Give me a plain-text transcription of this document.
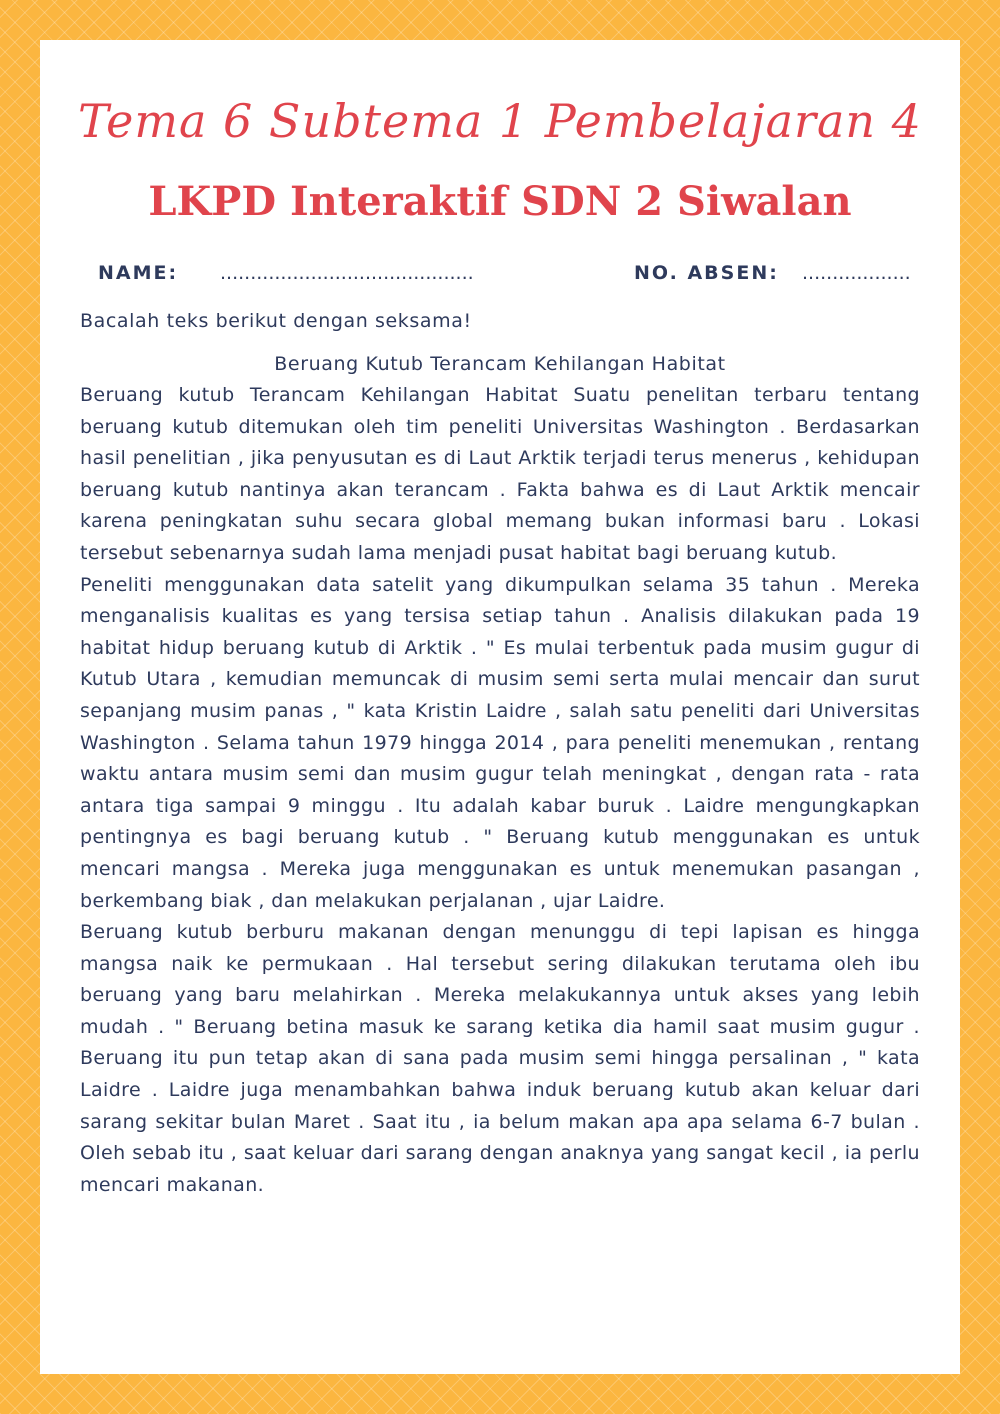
Tema 6 Subtema 1 Pembelajaran 4
LKPD Interaktif SDN 2 Siwalan
NAME: ..........................................	NO. ABSEN: ..................

Bacalah teks berikut dengan seksama!

Beruang Kutub Terancam Kehilangan Habitat

Beruang kutub Terancam Kehilangan Habitat Suatu penelitan terbaru tentang beruang kutub ditemukan oleh tim peneliti Universitas Washington . Berdasarkan hasil penelitian , jika penyusutan es di Laut Arktik terjadi terus menerus , kehidupan beruang kutub nantinya akan terancam . Fakta bahwa es di Laut Arktik mencair karena peningkatan suhu secara global memang bukan informasi baru . Lokasi tersebut sebenarnya sudah lama menjadi pusat habitat bagi beruang kutub.

Peneliti menggunakan data satelit yang dikumpulkan selama 35 tahun . Mereka menganalisis kualitas es yang tersisa setiap tahun . Analisis dilakukan pada 19 habitat hidup beruang kutub di Arktik . " Es mulai terbentuk pada musim gugur di Kutub Utara , kemudian memuncak di musim semi serta mulai mencair dan surut sepanjang musim panas , " kata Kristin Laidre , salah satu peneliti dari Universitas Washington . Selama tahun 1979 hingga 2014 , para peneliti menemukan , rentang waktu antara musim semi dan musim gugur telah meningkat , dengan rata - rata antara tiga sampai 9 minggu . Itu adalah kabar buruk . Laidre mengungkapkan pentingnya es bagi beruang kutub . " Beruang kutub menggunakan es untuk mencari mangsa . Mereka juga menggunakan es untuk menemukan pasangan , berkembang biak , dan melakukan perjalanan , ujar Laidre.

Beruang kutub berburu makanan dengan menunggu di tepi lapisan es hingga mangsa naik ke permukaan . Hal tersebut sering dilakukan terutama oleh ibu beruang yang baru melahirkan . Mereka melakukannya untuk akses yang lebih mudah . " Beruang betina masuk ke sarang ketika dia hamil saat musim gugur . Beruang itu pun tetap akan di sana pada musim semi hingga persalinan , " kata Laidre . Laidre juga menambahkan bahwa induk beruang kutub akan keluar dari sarang sekitar bulan Maret . Saat itu , ia belum makan apa apa selama 6-7 bulan . Oleh sebab itu , saat keluar dari sarang dengan anaknya yang sangat kecil , ia perlu mencari makanan.
